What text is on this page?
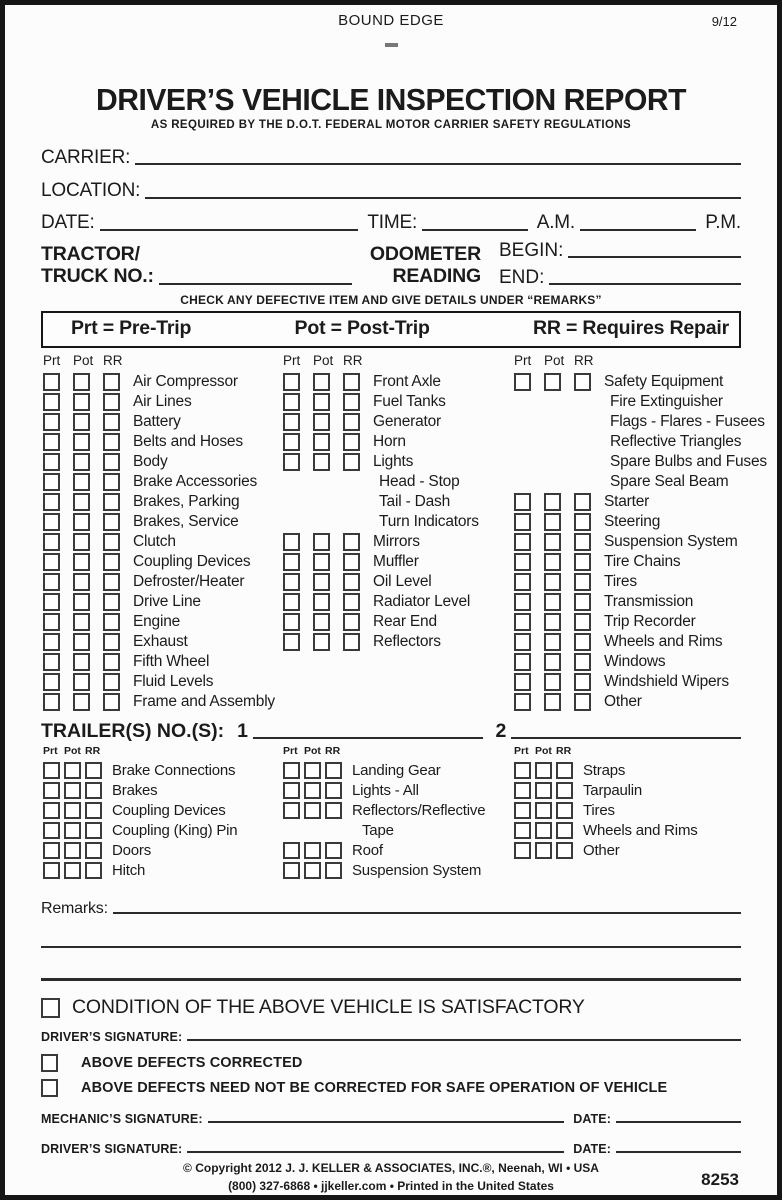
BOUND EDGE	9/12
DRIVER’S VEHICLE INSPECTION REPORT
AS REQUIRED BY THE D.O.T. FEDERAL MOTOR CARRIER SAFETY REGULATIONS
CARRIER:
LOCATION:
DATE:	TIME:	A.M.	P.M.
TRACTOR/
TRUCK NO.:
ODOMETER
READING
BEGIN:
END:
CHECK ANY DEFECTIVE ITEM AND GIVE DETAILS UNDER “REMARKS”
Prt = Pre-Trip	Pot = Post-Trip	RR = Requires Repair
Prt Pot RR
Air Compressor
Air Lines
Battery
Belts and Hoses
Body
Brake Accessories
Brakes, Parking
Brakes, Service
Clutch
Coupling Devices
Defroster/Heater
Drive Line
Engine
Exhaust
Fifth Wheel
Fluid Levels
Frame and Assembly
Prt Pot RR
Front Axle
Fuel Tanks
Generator
Horn
Lights
Head - Stop
Tail - Dash
Turn Indicators
Mirrors
Muffler
Oil Level
Radiator Level
Rear End
Reflectors
Prt Pot RR
Safety Equipment
Fire Extinguisher
Flags - Flares - Fusees
Reflective Triangles
Spare Bulbs and Fuses
Spare Seal Beam
Starter
Steering
Suspension System
Tire Chains
Tires
Transmission
Trip Recorder
Wheels and Rims
Windows
Windshield Wipers
Other
TRAILER(S) NO.(S): 1	2
Prt Pot RR
Brake Connections
Brakes
Coupling Devices
Coupling (King) Pin
Doors
Hitch
Prt Pot RR
Landing Gear
Lights - All
Reflectors/Reflective
Tape
Roof
Suspension System
Prt Pot RR
Straps
Tarpaulin
Tires
Wheels and Rims
Other
Remarks:
CONDITION OF THE ABOVE VEHICLE IS SATISFACTORY
DRIVER’S SIGNATURE:
ABOVE DEFECTS CORRECTED
ABOVE DEFECTS NEED NOT BE CORRECTED FOR SAFE OPERATION OF VEHICLE
MECHANIC’S SIGNATURE:	DATE:
DRIVER’S SIGNATURE:	DATE:
© Copyright 2012 J. J. KELLER & ASSOCIATES, INC.®, Neenah, WI • USA
(800) 327-6868 • jjkeller.com • Printed in the United States	8253
